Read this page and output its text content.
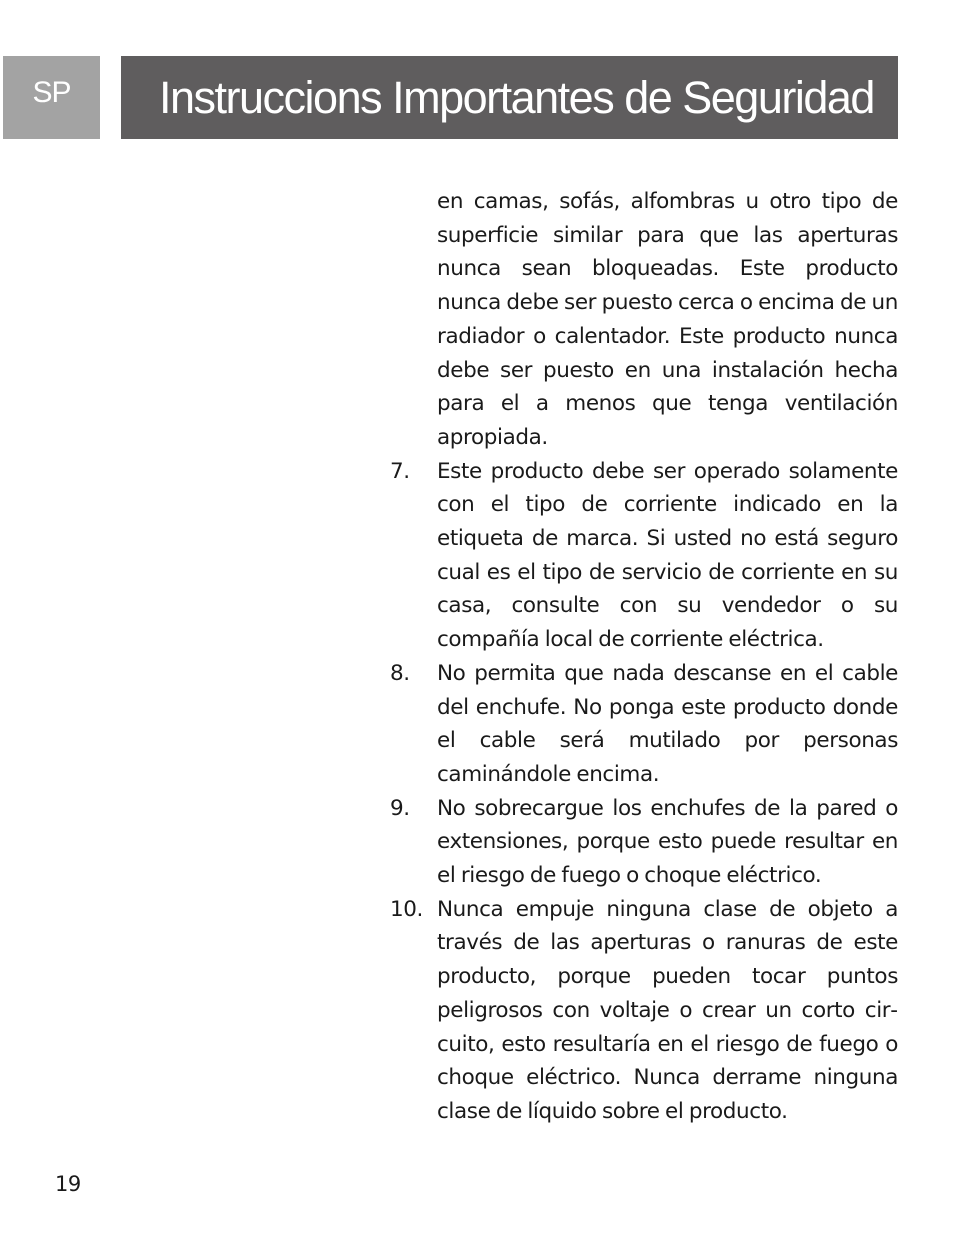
SP Instruccions Importantes de Seguridad
en camas, sofás, alfombras u otro tipo de superficie similar para que las aperturas nunca sean bloqueadas. Este producto nunca debe ser puesto cerca o encima de un radiador o calentador. Este producto nunca debe ser puesto en una instalación hecha para el a menos que tenga ventilación apropiada.
7.	Este producto debe ser operado solamente con el tipo de corriente indicado en la etiqueta de marca. Si usted no está seguro cual es el tipo de servicio de corriente en su casa, consulte con su vendedor o su compañía local de corriente eléctrica.
8.	No permita que nada descanse en el cable del enchufe. No ponga este producto donde el cable será mutilado por personas caminándole encima.
9.	No sobrecargue los enchufes de la pared o extensiones, porque esto puede resultar en el riesgo de fuego o choque eléctrico.
10. Nunca empuje ninguna clase de objeto a través de las aperturas o ranuras de este producto, porque pueden tocar puntos peligrosos con voltaje o crear un corto circuito, esto resultaría en el riesgo de fuego o choque eléctrico. Nunca derrame ninguna clase de líquido sobre el producto.
19
